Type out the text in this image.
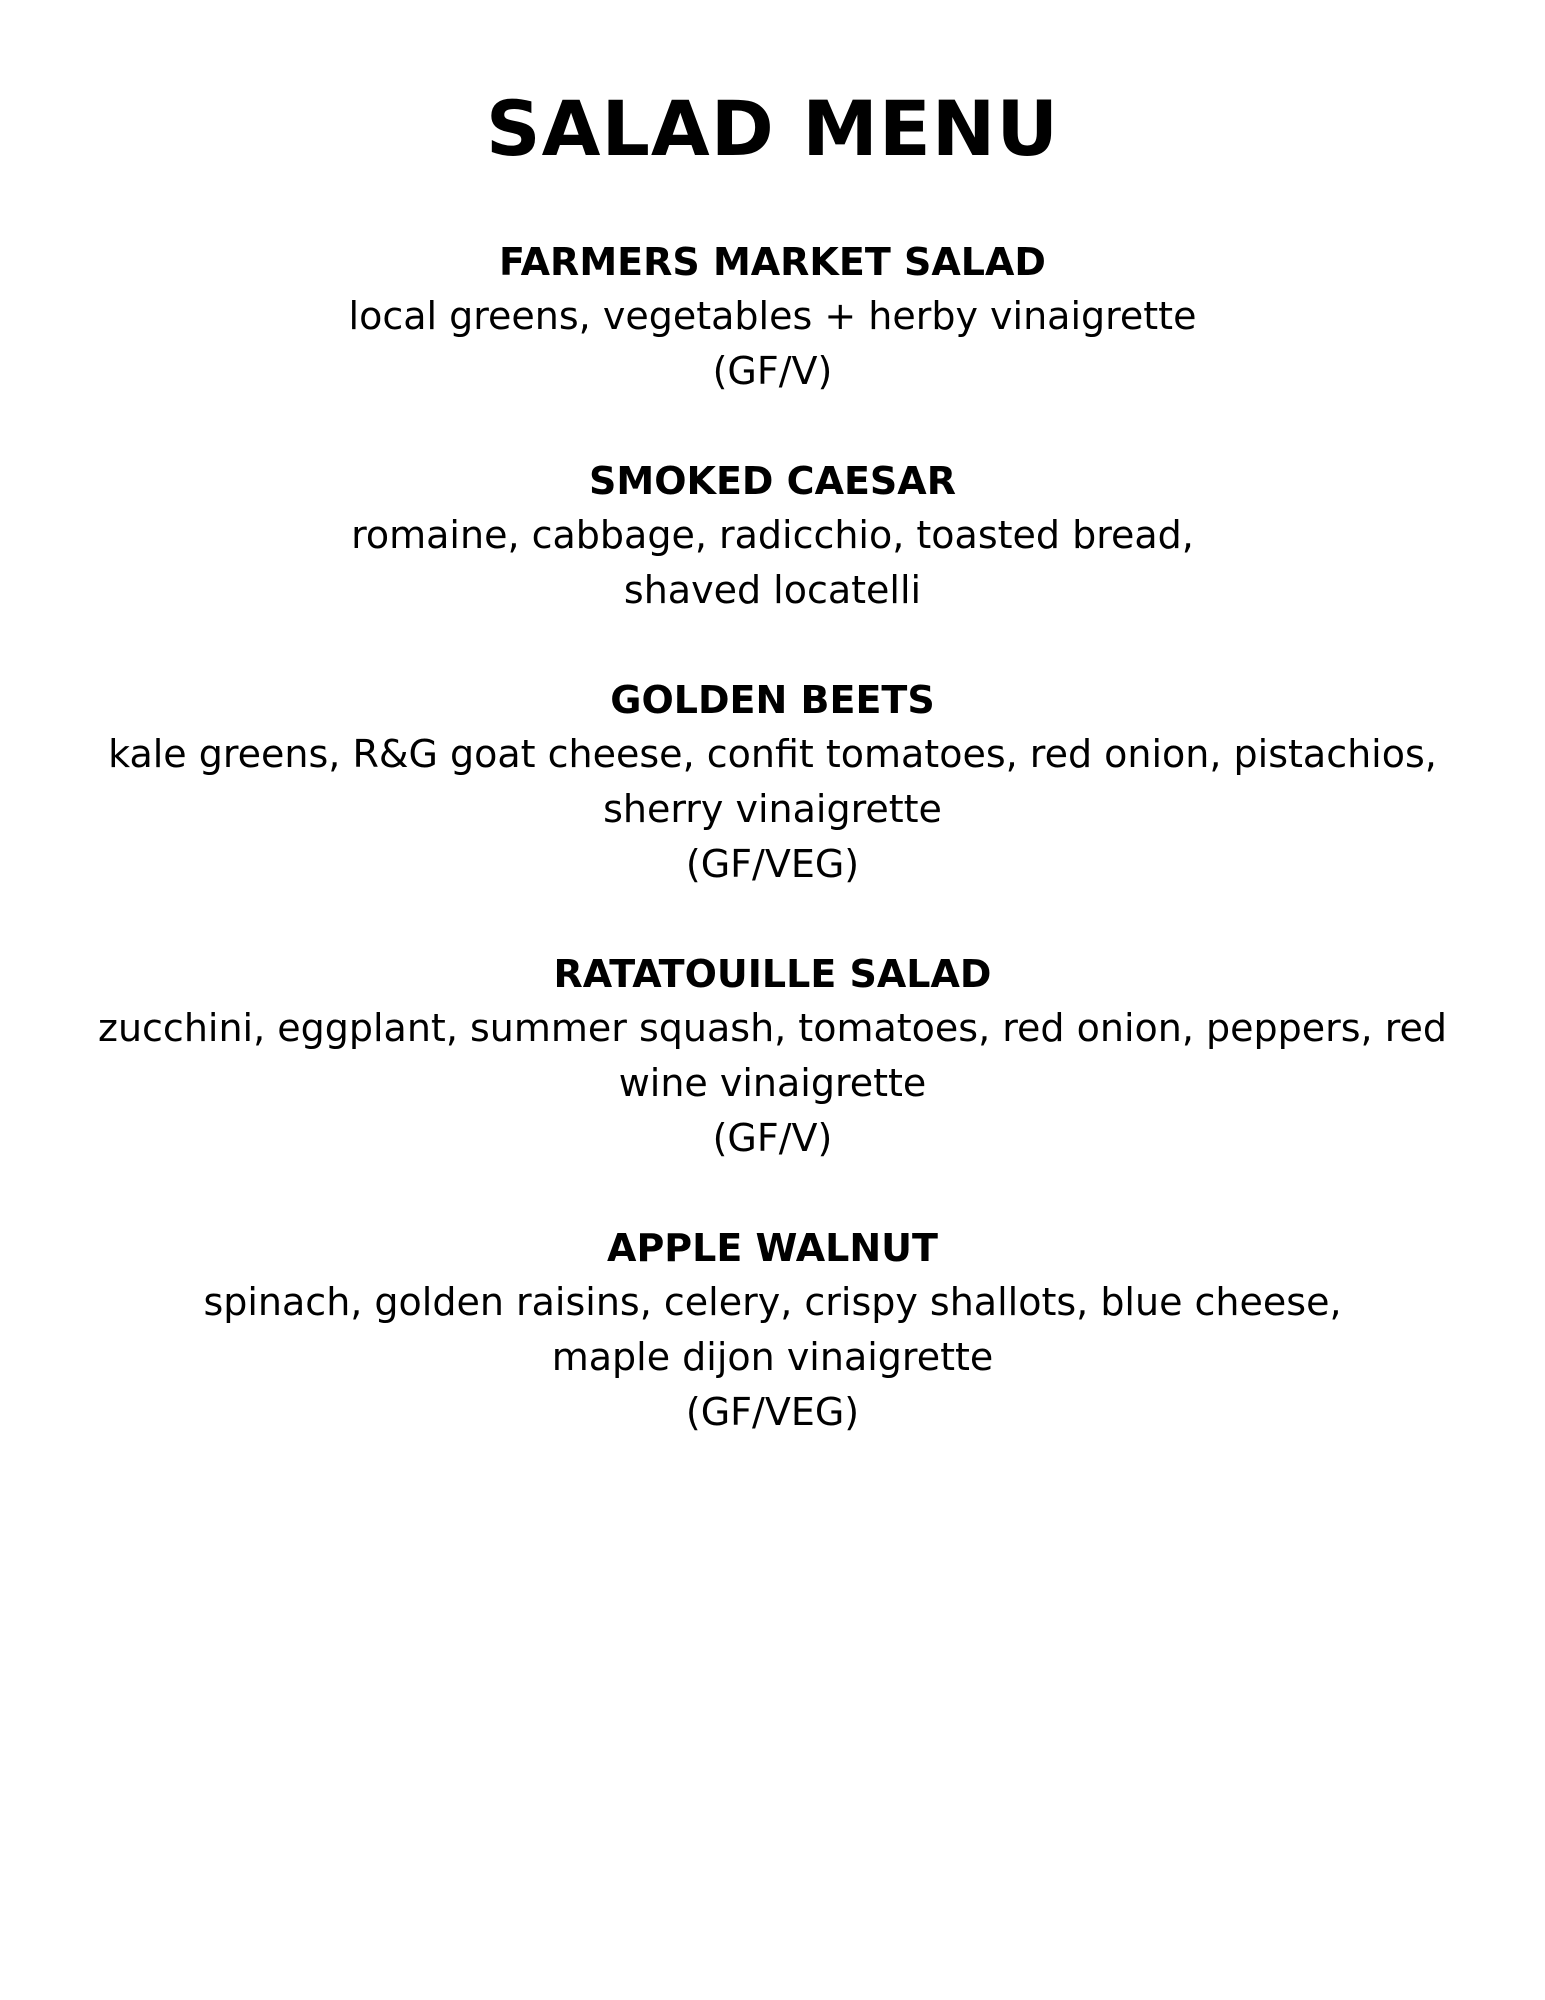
SALAD MENU
FARMERS MARKET SALAD
local greens, vegetables + herby vinaigrette
(GF/V)
SMOKED CAESAR
romaine, cabbage, radicchio, toasted bread,
shaved locatelli
GOLDEN BEETS
kale greens, R&G goat cheese, confit tomatoes, red onion, pistachios,
sherry vinaigrette
(GF/VEG)
RATATOUILLE SALAD
zucchini, eggplant, summer squash, tomatoes, red onion, peppers, red
wine vinaigrette
(GF/V)
APPLE WALNUT
spinach, golden raisins, celery, crispy shallots, blue cheese,
maple dijon vinaigrette
(GF/VEG)
